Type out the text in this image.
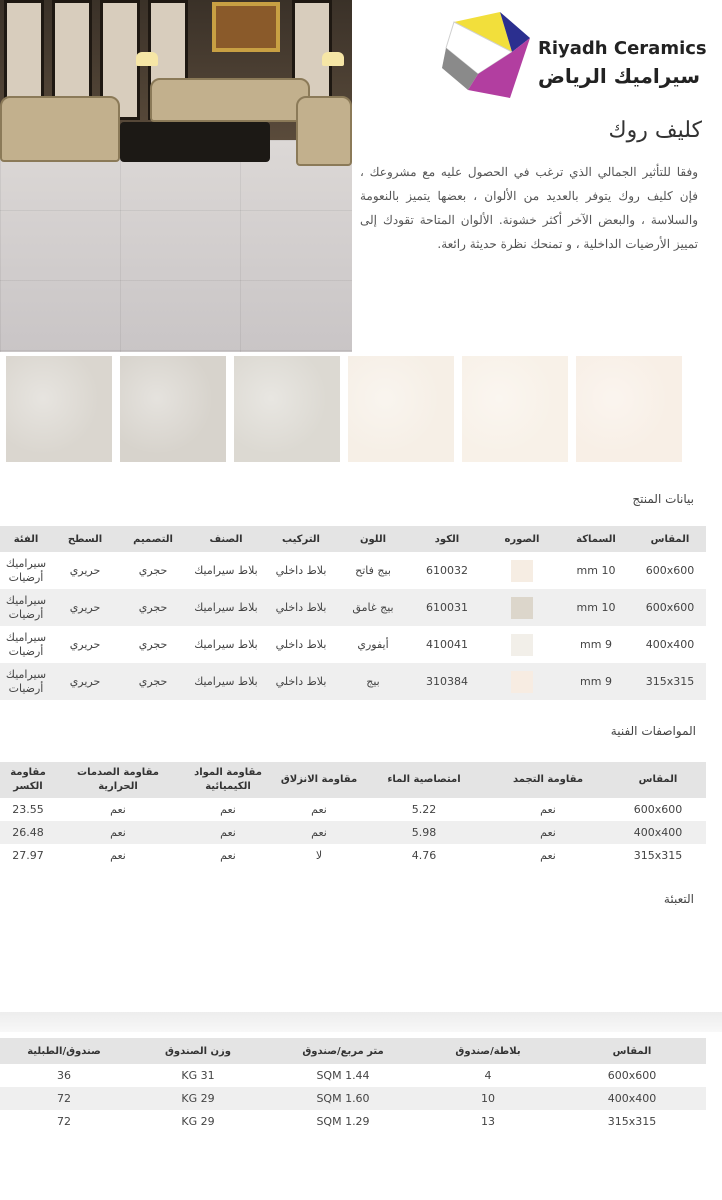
Riyadh Ceramics
سيراميك الرياض
كليف روك
وفقا للتأثير الجمالي الذي ترغب في الحصول عليه مع مشروعك ، فإن كليف روك يتوفر بالعديد من الألوان ، بعضها يتميز بالنعومة والسلاسة ، والبعض الآخر أكثر خشونة. الألوان المتاحة تقودك إلى تمييز الأرضيات الداخلية ، و تمنحك نظرة حديثة رائعة.
بيانات المنتج
المقاس	السماكة	الصوره	الكود	اللون	التركيب	الصنف	التصميم	السطح	الفئة
600x600	10 mm		610032	بيج فاتح	بلاط داخلي	بلاط سيراميك	حجري	حريري	سيراميك أرضيات
600x600	10 mm		610031	بيج غامق	بلاط داخلي	بلاط سيراميك	حجري	حريري	سيراميك أرضيات
400x400	9 mm		410041	أيفوري	بلاط داخلي	بلاط سيراميك	حجري	حريري	سيراميك أرضيات
315x315	9 mm		310384	بيج	بلاط داخلي	بلاط سيراميك	حجري	حريري	سيراميك أرضيات
المواصفات الفنية
المقاس	مقاومة التجمد	امتصاصية الماء	مقاومة الانزلاق	مقاومة المواد الكيميائية	مقاومة الصدمات الحرارية	مقاومة الكسر
600x600	نعم	5.22	نعم	نعم	نعم	23.55
400x400	نعم	5.98	نعم	نعم	نعم	26.48
315x315	نعم	4.76	لا	نعم	نعم	27.97
التعبئة
المقاس	بلاطة/صندوق	متر مربع/صندوق	وزن الصندوق	صندوق/الطبلية
600x600	4	SQM 1.44	KG 31	36
400x400	10	SQM 1.60	KG 29	72
315x315	13	SQM 1.29	KG 29	72
